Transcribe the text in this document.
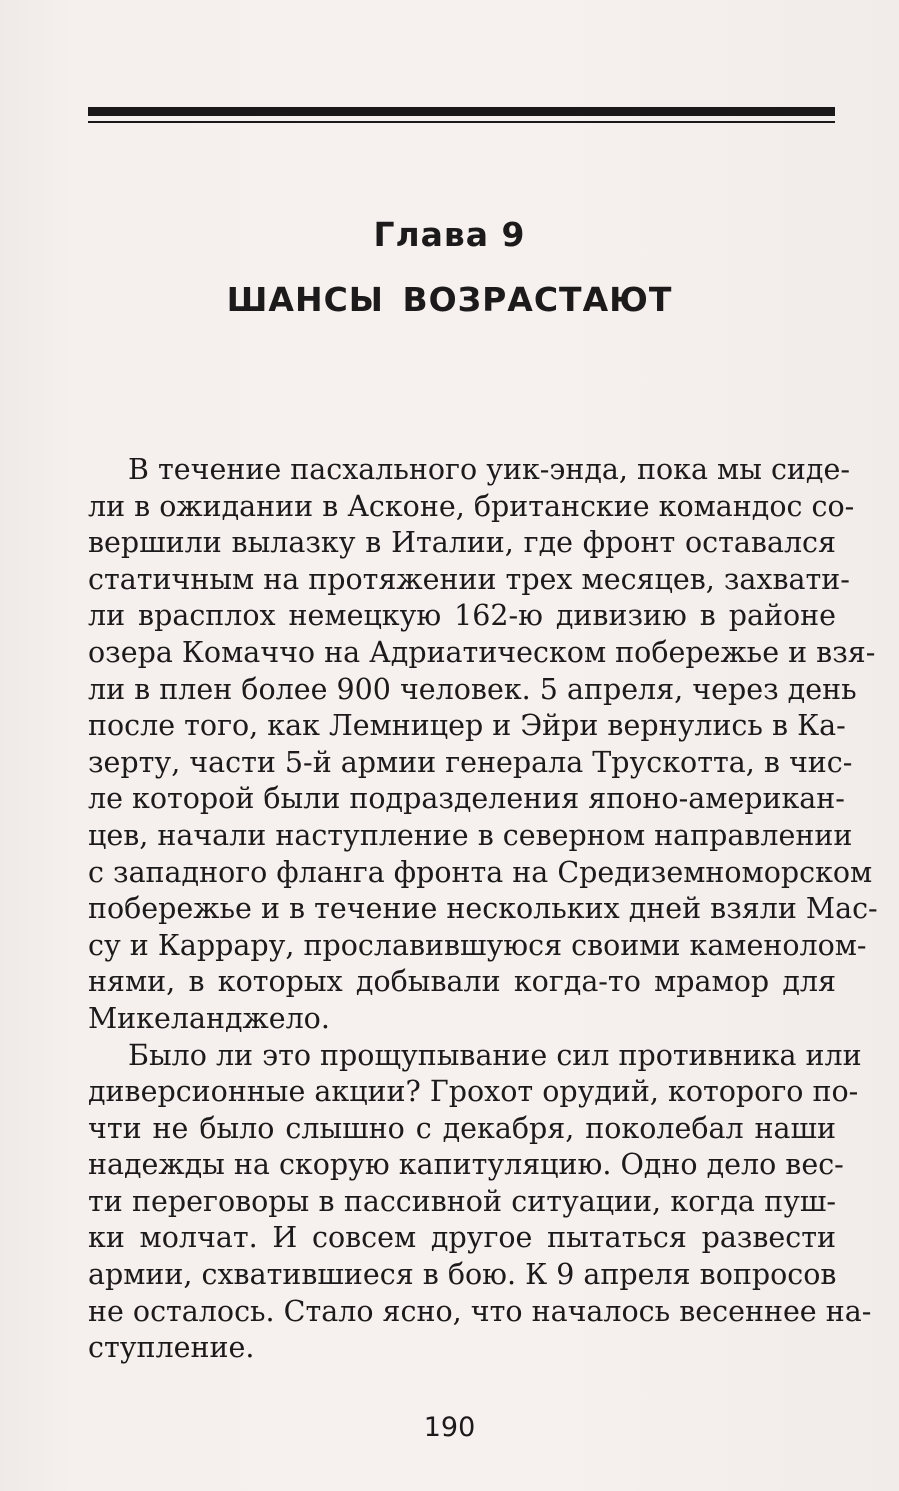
Глава 9
ШАНСЫ ВОЗРАСТАЮТ
В течение пасхального уик-энда, пока мы сиде-
ли в ожидании в Асконе, британские командос со-
вершили вылазку в Италии, где фронт оставался
статичным на протяжении трех месяцев, захвати-
ли врасплох немецкую 162-ю дивизию в районе
озера Комаччо на Адриатическом побережье и взя-
ли в плен более 900 человек. 5 апреля, через день
после того, как Лемницер и Эйри вернулись в Ка-
зерту, части 5-й армии генерала Трускотта, в чис-
ле которой были подразделения японо-американ-
цев, начали наступление в северном направлении
с западного фланга фронта на Средиземноморском
побережье и в течение нескольких дней взяли Мас-
су и Каррару, прославившуюся своими каменолом-
нями, в которых добывали когда-то мрамор для
Микеланджело.
Было ли это прощупывание сил противника или
диверсионные акции? Грохот орудий, которого по-
чти не было слышно с декабря, поколебал наши
надежды на скорую капитуляцию. Одно дело вес-
ти переговоры в пассивной ситуации, когда пуш-
ки молчат. И совсем другое пытаться развести
армии, схватившиеся в бою. К 9 апреля вопросов
не осталось. Стало ясно, что началось весеннее на-
ступление.
190
